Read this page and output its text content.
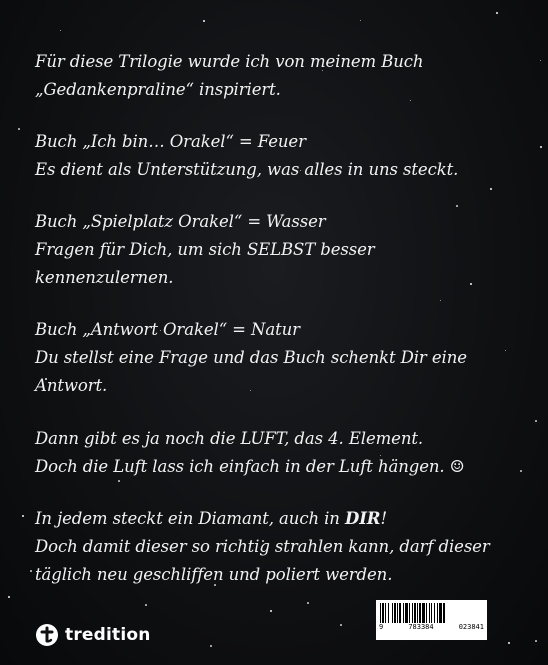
Für diese Trilogie wurde ich von meinem Buch
„Gedankenpraline“ inspiriert.
Buch „Ich bin… Orakel“ = Feuer
Es dient als Unterstützung, was alles in uns steckt.
Buch „Spielplatz Orakel“ = Wasser
Fragen für Dich, um sich SELBST besser
kennenzulernen.
Buch „Antwort Orakel“ = Natur
Du stellst eine Frage und das Buch schenkt Dir eine
Antwort.
Dann gibt es ja noch die LUFT, das 4. Element.
Doch die Luft lass ich einfach in der Luft hängen. ☺
In jedem steckt ein Diamant, auch in DIR!
Doch damit dieser so richtig strahlen kann, darf dieser
täglich neu geschliffen und poliert werden.
tredition	9	783384	023841
